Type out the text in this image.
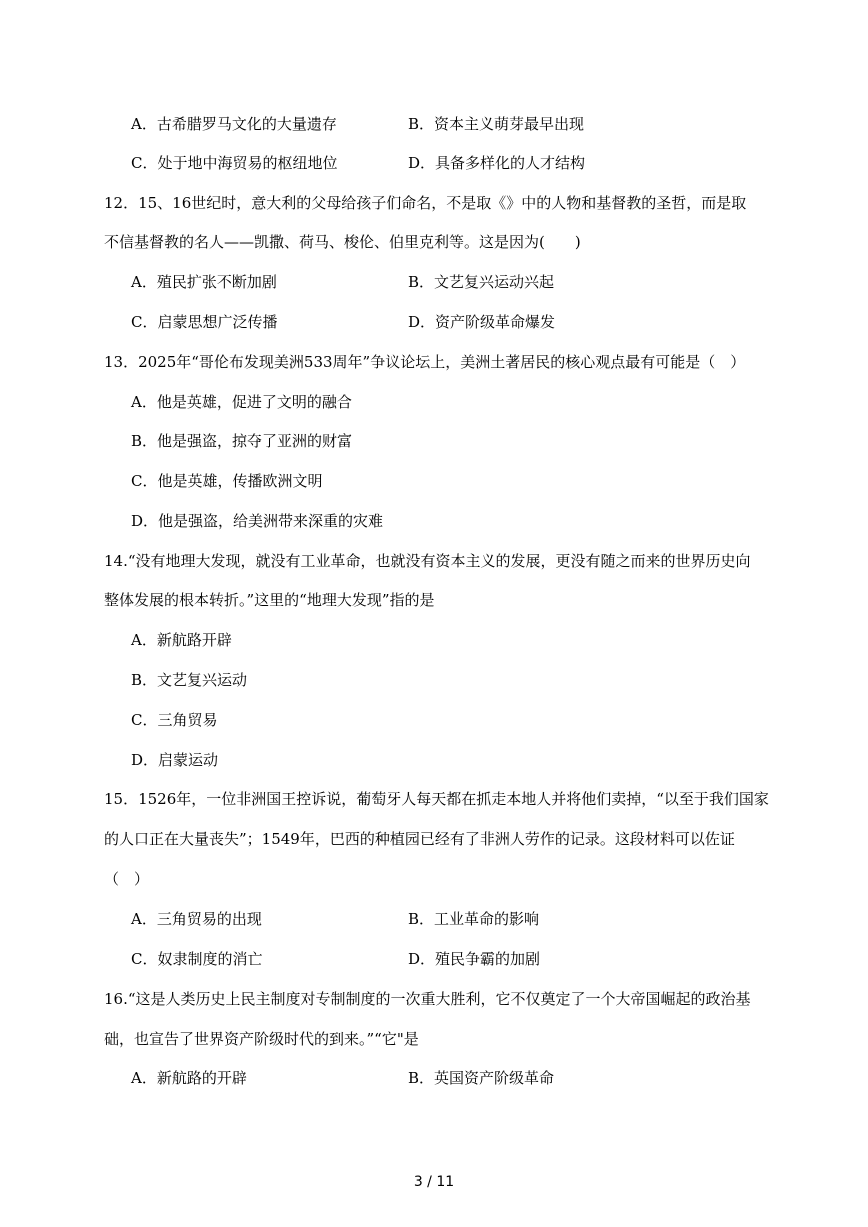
A．古希腊罗马文化的大量遗存	B．资本主义萌芽最早出现
C．处于地中海贸易的枢纽地位	D．具备多样化的人才结构
12．15、16世纪时，意大利的父母给孩子们命名，不是取《》中的人物和基督教的圣哲，而是取
不信基督教的名人——凯撒、荷马、梭伦、伯里克利等。这是因为(　　)
A．殖民扩张不断加剧	B．文艺复兴运动兴起
C．启蒙思想广泛传播	D．资产阶级革命爆发
13．2025年“哥伦布发现美洲533周年”争议论坛上，美洲土著居民的核心观点最有可能是（　）
A．他是英雄，促进了文明的融合
B．他是强盗，掠夺了亚洲的财富
C．他是英雄，传播欧洲文明
D．他是强盗，给美洲带来深重的灾难
14.“没有地理大发现，就没有工业革命，也就没有资本主义的发展，更没有随之而来的世界历史向
整体发展的根本转折。”这里的“地理大发现”指的是
A．新航路开辟
B．文艺复兴运动
C．三角贸易
D．启蒙运动
15．1526年，一位非洲国王控诉说，葡萄牙人每天都在抓走本地人并将他们卖掉，“以至于我们国家
的人口正在大量丧失”；1549年，巴西的种植园已经有了非洲人劳作的记录。这段材料可以佐证
（　）
A．三角贸易的出现	B．工业革命的影响
C．奴隶制度的消亡	D．殖民争霸的加剧
16.“这是人类历史上民主制度对专制制度的一次重大胜利，它不仅奠定了一个大帝国崛起的政治基
础，也宣告了世界资产阶级时代的到来。”“它"是
A．新航路的开辟	B．英国资产阶级革命
3 / 11
